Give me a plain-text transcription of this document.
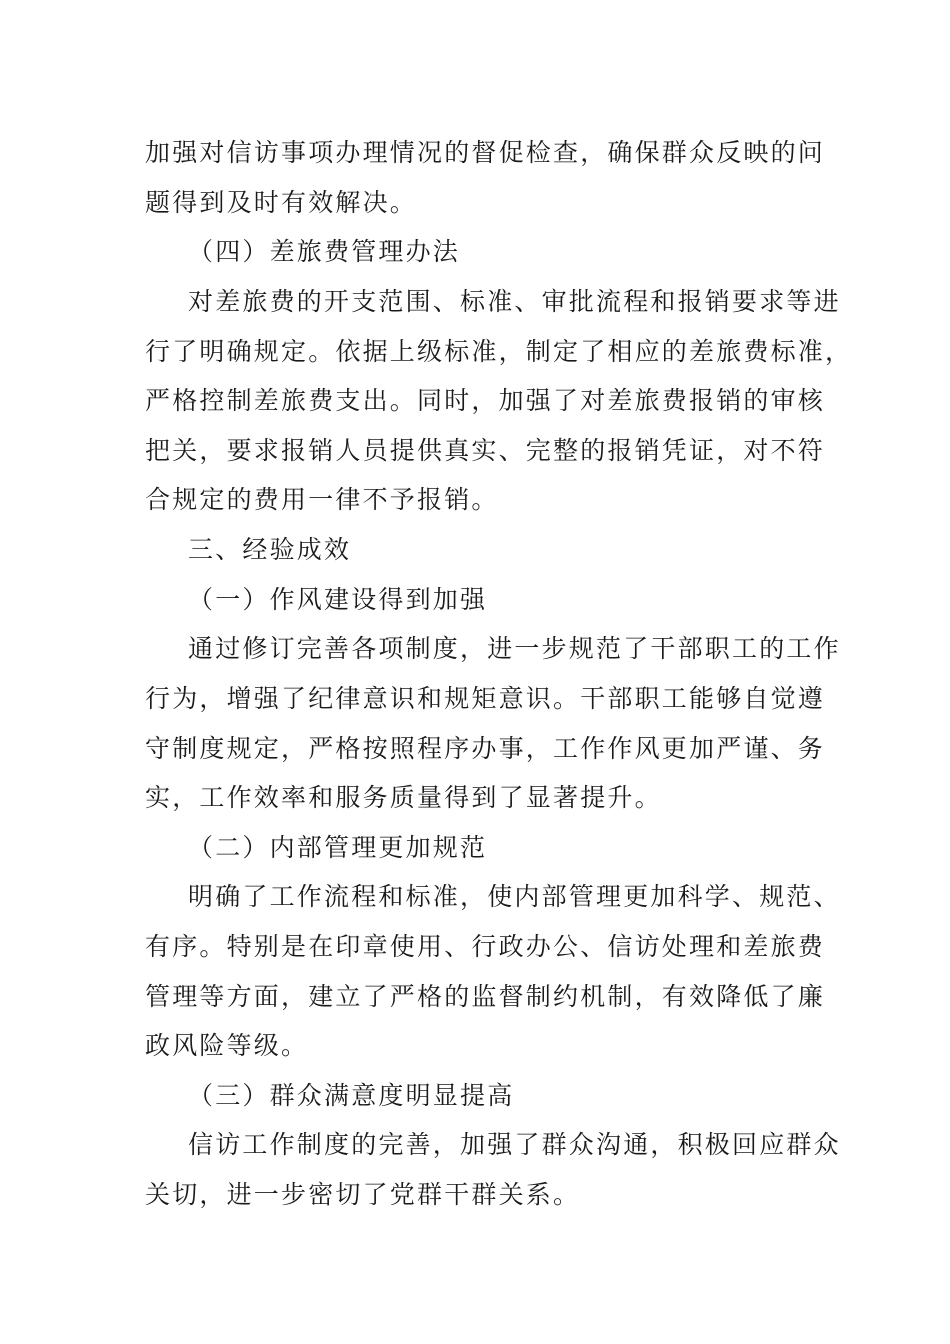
加强对信访事项办理情况的督促检查，确保群众反映的问
题得到及时有效解决。
（四）差旅费管理办法
对差旅费的开支范围、标准、审批流程和报销要求等进
行了明确规定。依据上级标准，制定了相应的差旅费标准，
严格控制差旅费支出。同时，加强了对差旅费报销的审核
把关，要求报销人员提供真实、完整的报销凭证，对不符
合规定的费用一律不予报销。
三、经验成效
（一）作风建设得到加强
通过修订完善各项制度，进一步规范了干部职工的工作
行为，增强了纪律意识和规矩意识。干部职工能够自觉遵
守制度规定，严格按照程序办事，工作作风更加严谨、务
实，工作效率和服务质量得到了显著提升。
（二）内部管理更加规范
明确了工作流程和标准，使内部管理更加科学、规范、
有序。特别是在印章使用、行政办公、信访处理和差旅费
管理等方面，建立了严格的监督制约机制，有效降低了廉
政风险等级。
（三）群众满意度明显提高
信访工作制度的完善，加强了群众沟通，积极回应群众
关切，进一步密切了党群干群关系。
